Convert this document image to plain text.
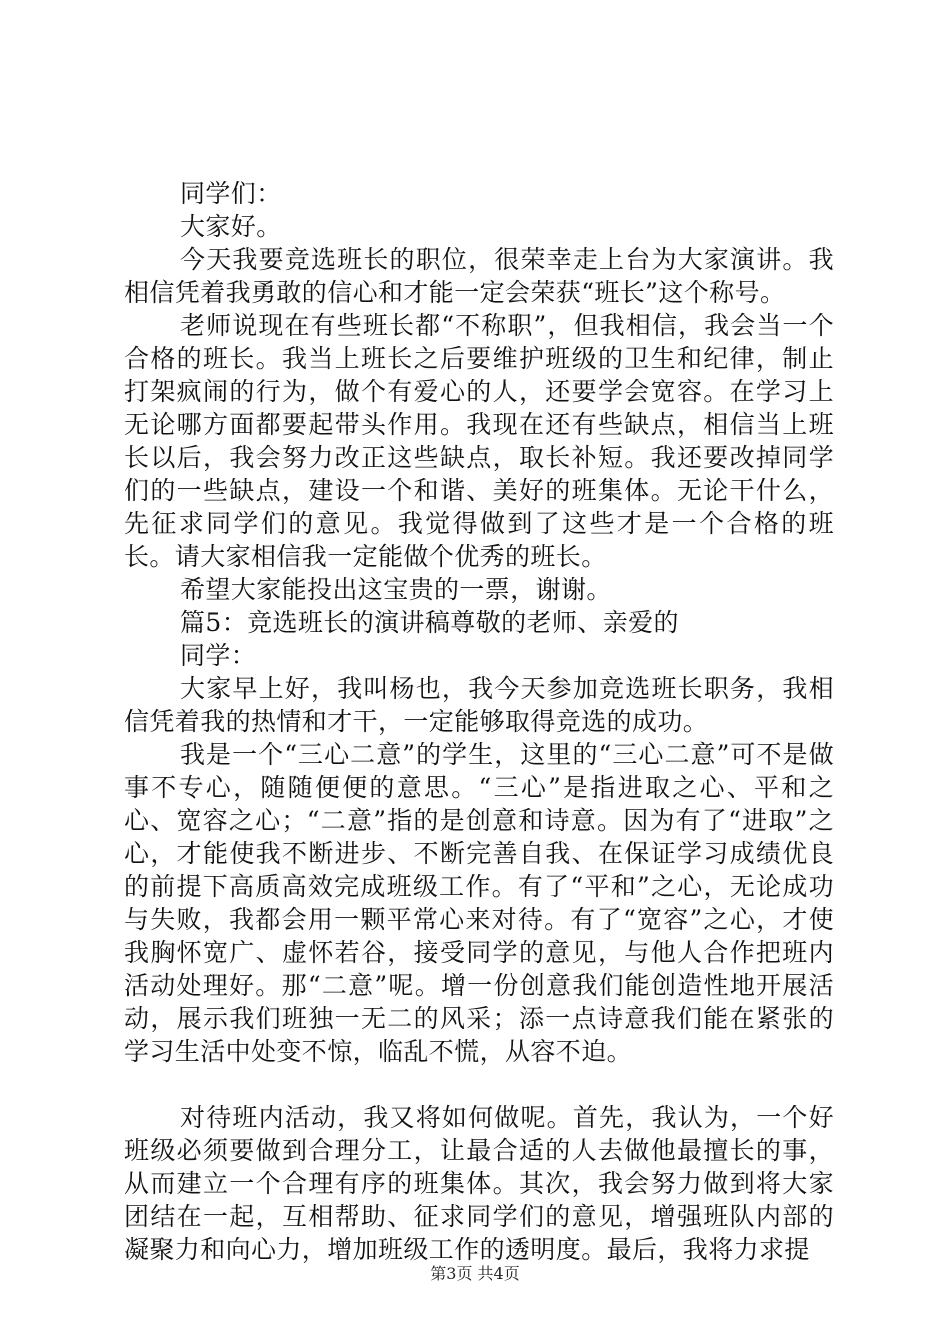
同学们：

大家好。

今天我要竞选班长的职位，很荣幸走上台为大家演讲。我相信凭着我勇敢的信心和才能一定会荣获“班长”这个称号。

老师说现在有些班长都“不称职”，但我相信，我会当一个合格的班长。我当上班长之后要维护班级的卫生和纪律，制止打架疯闹的行为，做个有爱心的人，还要学会宽容。在学习上无论哪方面都要起带头作用。我现在还有些缺点，相信当上班长以后，我会努力改正这些缺点，取长补短。我还要改掉同学们的一些缺点，建设一个和谐、美好的班集体。无论干什么，先征求同学们的意见。我觉得做到了这些才是一个合格的班长。请大家相信我一定能做个优秀的班长。

希望大家能投出这宝贵的一票，谢谢。

篇5：竞选班长的演讲稿尊敬的老师、亲爱的

同学：

大家早上好，我叫杨也，我今天参加竞选班长职务，我相信凭着我的热情和才干，一定能够取得竞选的成功。

我是一个“三心二意”的学生，这里的“三心二意”可不是做事不专心，随随便便的意思。“三心”是指进取之心、平和之心、宽容之心；“二意”指的是创意和诗意。因为有了“进取”之心，才能使我不断进步、不断完善自我、在保证学习成绩优良的前提下高质高效完成班级工作。有了“平和”之心，无论成功与失败，我都会用一颗平常心来对待。有了“宽容”之心，才使我胸怀宽广、虚怀若谷，接受同学的意见，与他人合作把班内活动处理好。那“二意”呢。增一份创意我们能创造性地开展活动，展示我们班独一无二的风采；添一点诗意我们能在紧张的学习生活中处变不惊，临乱不慌，从容不迫。

对待班内活动，我又将如何做呢。首先，我认为，一个好班级必须要做到合理分工，让最合适的人去做他最擅长的事，从而建立一个合理有序的班集体。其次，我会努力做到将大家团结在一起，互相帮助、征求同学们的意见，增强班队内部的凝聚力和向心力，增加班级工作的透明度。最后，我将力求提

第3页 共4页
